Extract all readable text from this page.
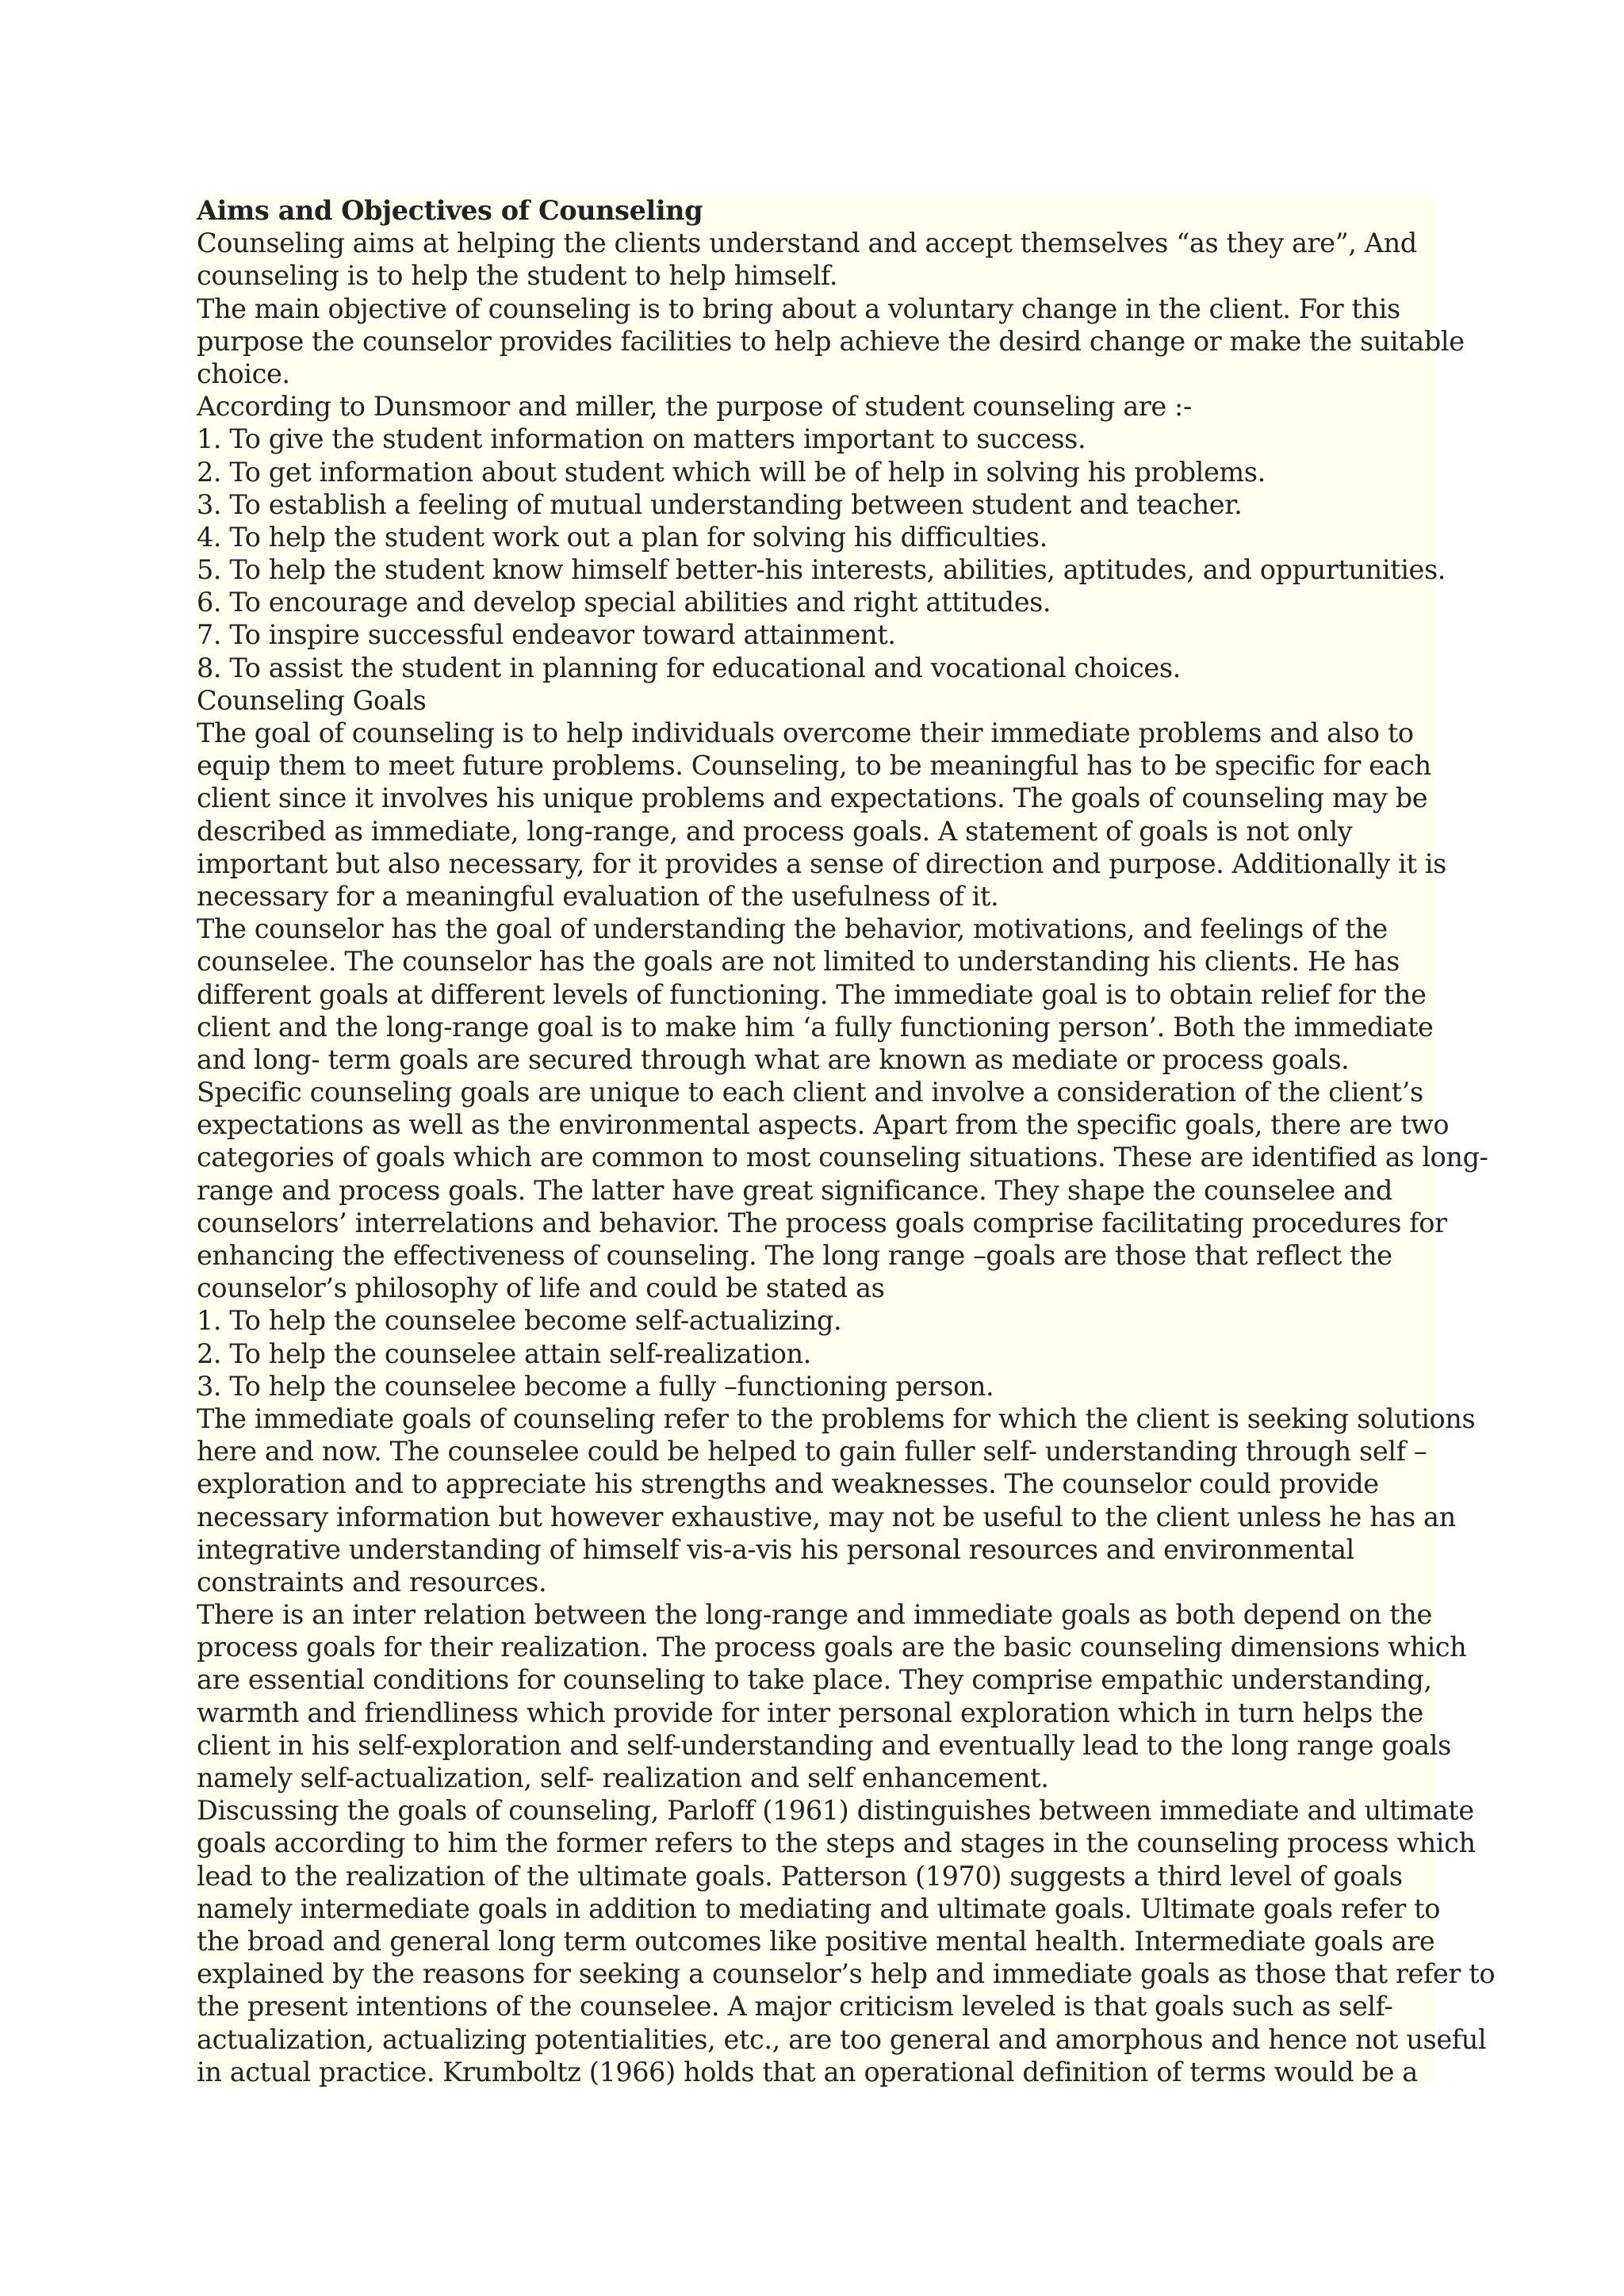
Aims and Objectives of Counseling
Counseling aims at helping the clients understand and accept themselves “as they are”, And
counseling is to help the student to help himself.
The main objective of counseling is to bring about a voluntary change in the client. For this
purpose the counselor provides facilities to help achieve the desird change or make the suitable
choice.
According to Dunsmoor and miller, the purpose of student counseling are :-
1. To give the student information on matters important to success.
2. To get information about student which will be of help in solving his problems.
3. To establish a feeling of mutual understanding between student and teacher.
4. To help the student work out a plan for solving his difficulties.
5. To help the student know himself better-his interests, abilities, aptitudes, and oppurtunities.
6. To encourage and develop special abilities and right attitudes.
7. To inspire successful endeavor toward attainment.
8. To assist the student in planning for educational and vocational choices.
Counseling Goals
The goal of counseling is to help individuals overcome their immediate problems and also to
equip them to meet future problems. Counseling, to be meaningful has to be specific for each
client since it involves his unique problems and expectations. The goals of counseling may be
described as immediate, long-range, and process goals. A statement of goals is not only
important but also necessary, for it provides a sense of direction and purpose. Additionally it is
necessary for a meaningful evaluation of the usefulness of it.
The counselor has the goal of understanding the behavior, motivations, and feelings of the
counselee. The counselor has the goals are not limited to understanding his clients. He has
different goals at different levels of functioning. The immediate goal is to obtain relief for the
client and the long-range goal is to make him ‘a fully functioning person’. Both the immediate
and long- term goals are secured through what are known as mediate or process goals.
Specific counseling goals are unique to each client and involve a consideration of the client’s
expectations as well as the environmental aspects. Apart from the specific goals, there are two
categories of goals which are common to most counseling situations. These are identified as long-
range and process goals. The latter have great significance. They shape the counselee and
counselors’ interrelations and behavior. The process goals comprise facilitating procedures for
enhancing the effectiveness of counseling. The long range –goals are those that reflect the
counselor’s philosophy of life and could be stated as
1. To help the counselee become self-actualizing.
2. To help the counselee attain self-realization.
3. To help the counselee become a fully –functioning person.
The immediate goals of counseling refer to the problems for which the client is seeking solutions
here and now. The counselee could be helped to gain fuller self- understanding through self –
exploration and to appreciate his strengths and weaknesses. The counselor could provide
necessary information but however exhaustive, may not be useful to the client unless he has an
integrative understanding of himself vis-a-vis his personal resources and environmental
constraints and resources.
There is an inter relation between the long-range and immediate goals as both depend on the
process goals for their realization. The process goals are the basic counseling dimensions which
are essential conditions for counseling to take place. They comprise empathic understanding,
warmth and friendliness which provide for inter personal exploration which in turn helps the
client in his self-exploration and self-understanding and eventually lead to the long range goals
namely self-actualization, self- realization and self enhancement.
Discussing the goals of counseling, Parloff (1961) distinguishes between immediate and ultimate
goals according to him the former refers to the steps and stages in the counseling process which
lead to the realization of the ultimate goals. Patterson (1970) suggests a third level of goals
namely intermediate goals in addition to mediating and ultimate goals. Ultimate goals refer to
the broad and general long term outcomes like positive mental health. Intermediate goals are
explained by the reasons for seeking a counselor’s help and immediate goals as those that refer to
the present intentions of the counselee. A major criticism leveled is that goals such as self-
actualization, actualizing potentialities, etc., are too general and amorphous and hence not useful
in actual practice. Krumboltz (1966) holds that an operational definition of terms would be a
